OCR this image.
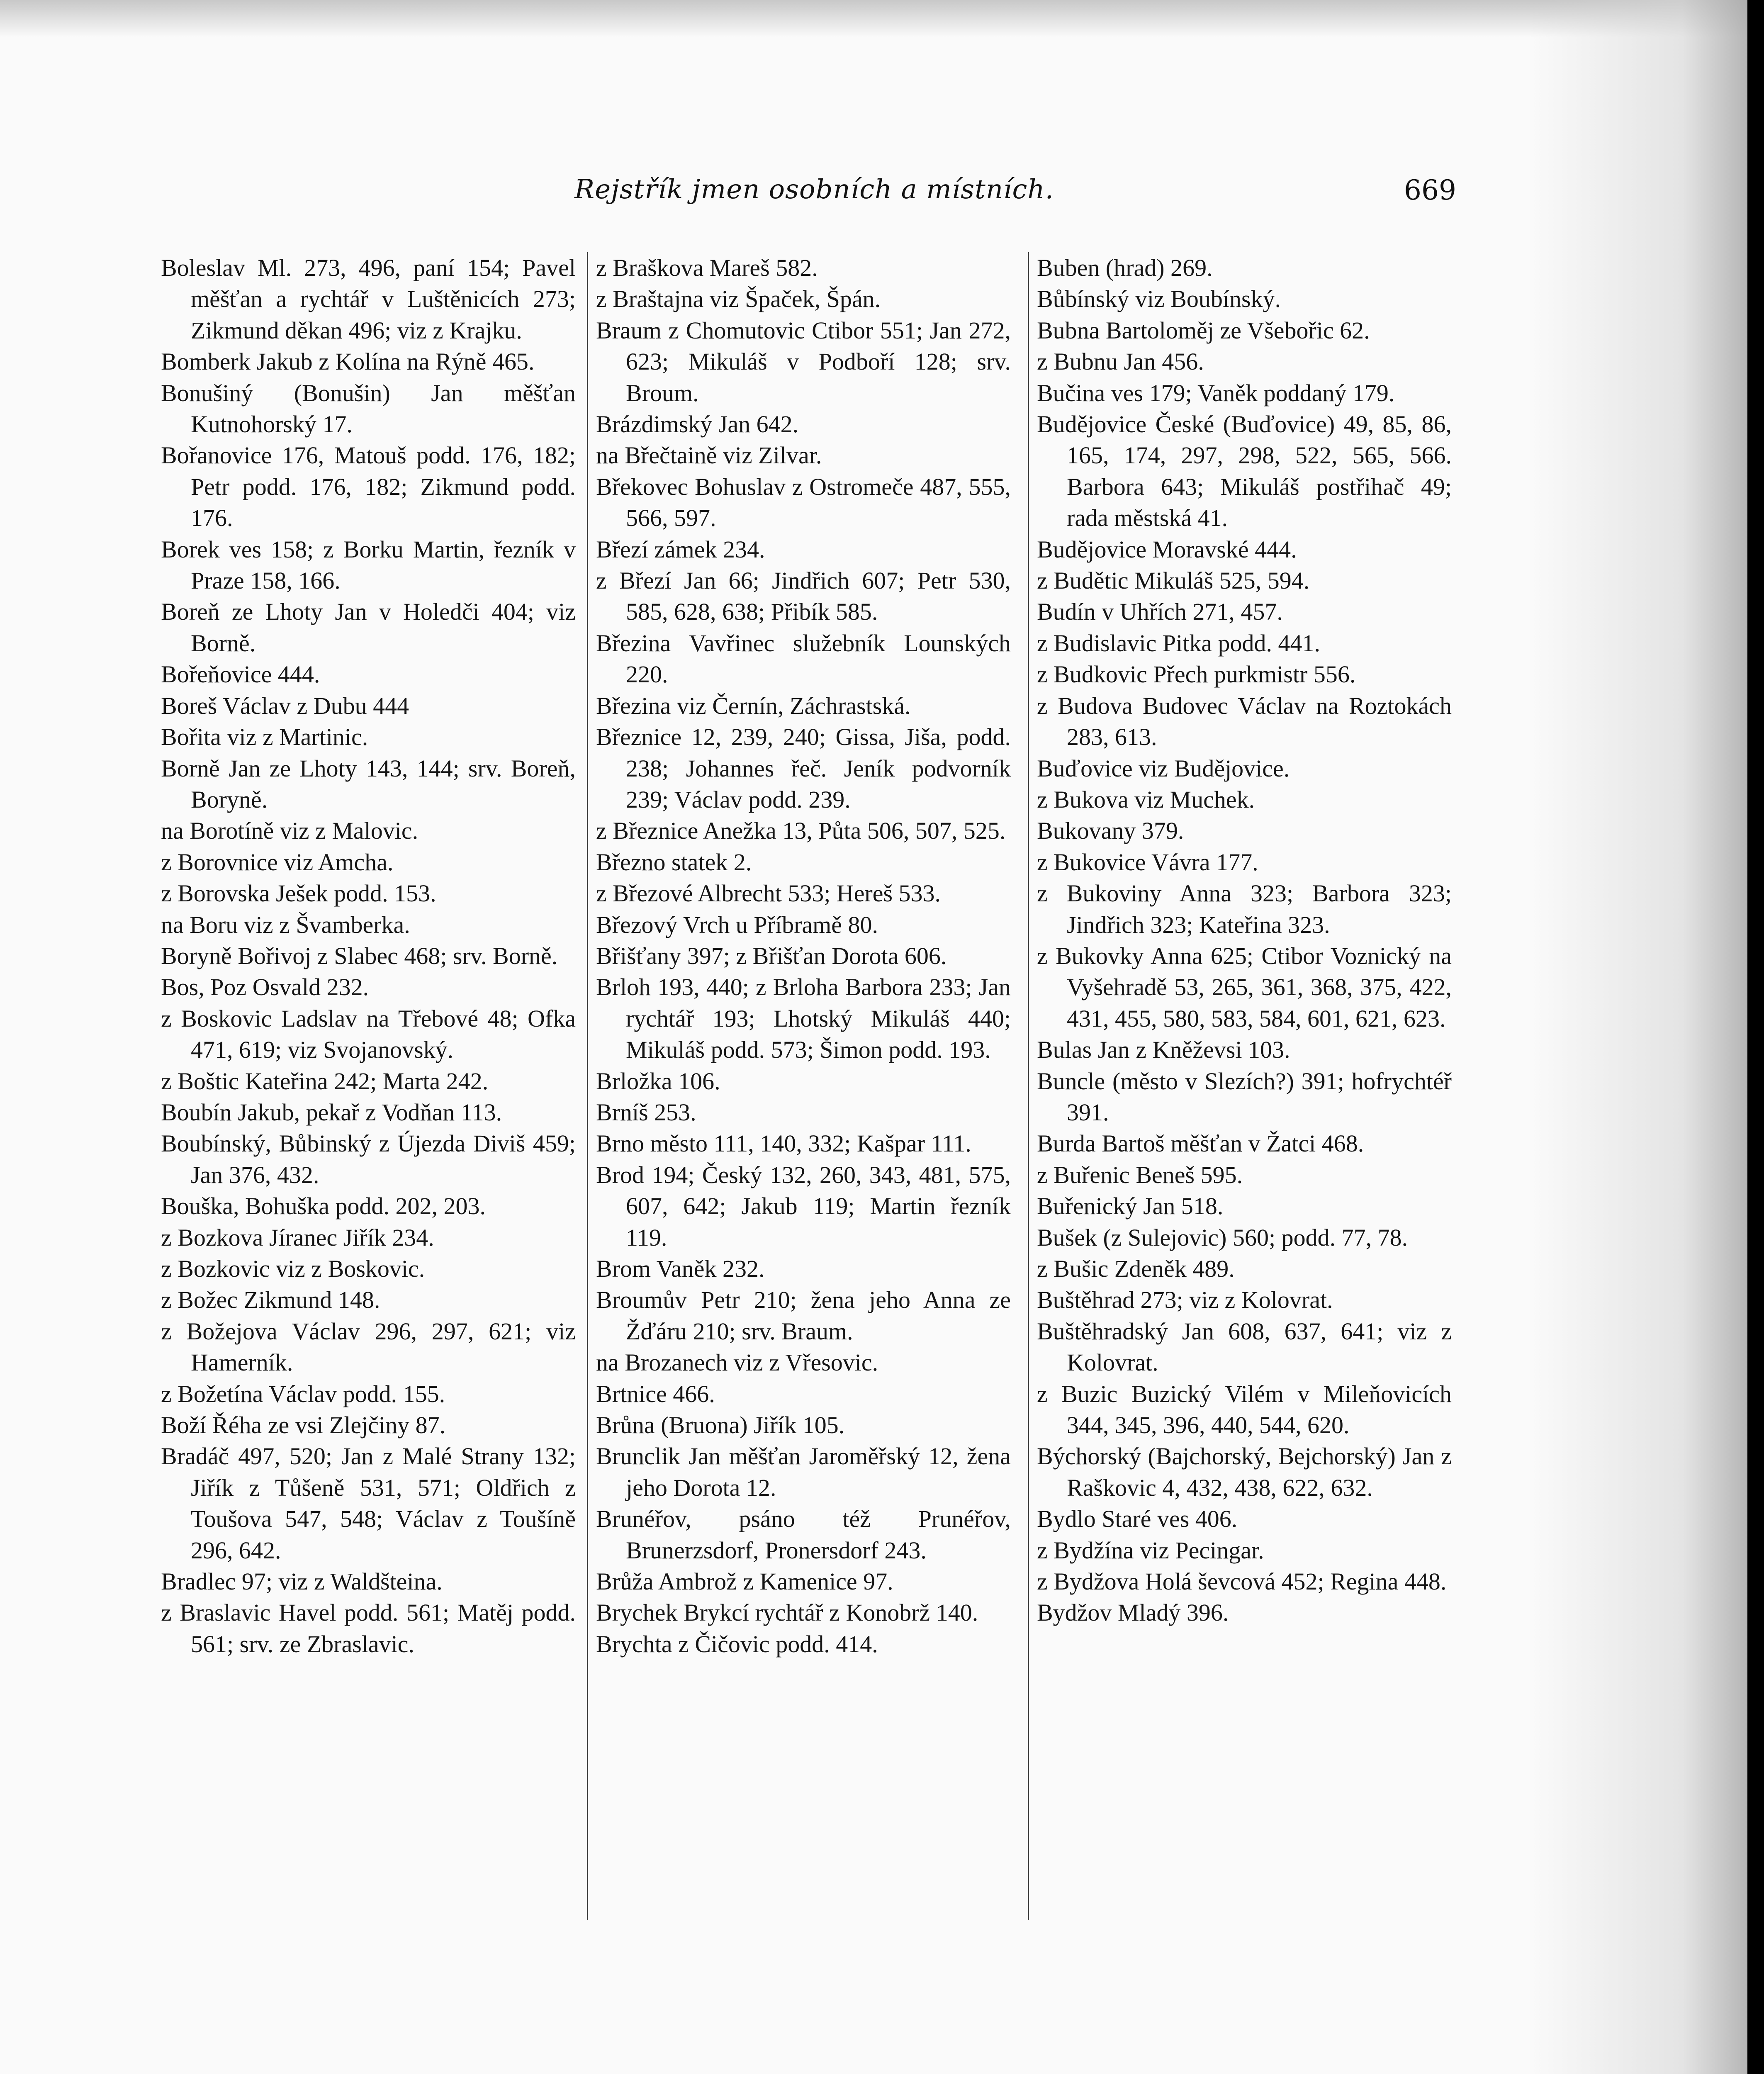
Rejstřík jmen osobních a místních.	669

Boleslav Ml. 273, 496, paní 154; Pavel měšťan a rychtář v Luštěnicích 273; Zikmund děkan 496; viz z Krajku.

Bomberk Jakub z Kolína na Rýně 465.

Bonušiný (Bonušin) Jan měšťan Kutnohorský 17.

Bořanovice 176, Matouš podd. 176, 182; Petr podd. 176, 182; Zikmund podd. 176.

Borek ves 158; z Borku Martin, řezník v Praze 158, 166.

Boreň ze Lhoty Jan v Holedči 404; viz Borně.

Bořeňovice 444.

Boreš Václav z Dubu 444

Bořita viz z Martinic.

Borně Jan ze Lhoty 143, 144; srv. Boreň, Boryně.

na Borotíně viz z Malovic.

z Borovnice viz Amcha.

z Borovska Ješek podd. 153.

na Boru viz z Švamberka.

Boryně Bořivoj z Slabec 468; srv. Borně.

Bos, Poz Osvald 232.

z Boskovic Ladslav na Třebové 48; Ofka 471, 619; viz Svojanovský.

z Boštic Kateřina 242; Marta 242.

Boubín Jakub, pekař z Vodňan 113.

Boubínský, Bůbinský z Újezda Diviš 459; Jan 376, 432.

Bouška, Bohuška podd. 202, 203.

z Bozkova Jíranec Jiřík 234.

z Bozkovic viz z Boskovic.

z Božec Zikmund 148.

z Božejova Václav 296, 297, 621; viz Hamerník.

z Božetína Václav podd. 155.

Boží Řéha ze vsi Zlejčiny 87.

Bradáč 497, 520; Jan z Malé Strany 132; Jiřík z Tůšeně 531, 571; Oldřich z Toušova 547, 548; Václav z Toušíně 296, 642.

Bradlec 97; viz z Waldšteina.

z Braslavic Havel podd. 561; Matěj podd. 561; srv. ze Zbraslavic.

z Braškova Mareš 582.

z Braštajna viz Špaček, Špán.

Braum z Chomutovic Ctibor 551; Jan 272, 623; Mikuláš v Podboří 128; srv. Broum.

Brázdimský Jan 642.

na Břečtaině viz Zilvar.

Břekovec Bohuslav z Ostromeče 487, 555, 566, 597.

Březí zámek 234.

z Březí Jan 66; Jindřich 607; Petr 530, 585, 628, 638; Přibík 585.

Březina Vavřinec služebník Lounských 220.

Březina viz Černín, Záchrastská.

Březnice 12, 239, 240; Gissa, Jiša, podd. 238; Johannes řeč. Jeník podvorník 239; Václav podd. 239.

z Březnice Anežka 13, Půta 506, 507, 525.

Březno statek 2.

z Březové Albrecht 533; Hereš 533.

Březový Vrch u Příbramě 80.

Břišťany 397; z Břišťan Dorota 606.

Brloh 193, 440; z Brloha Barbora 233; Jan rychtář 193; Lhotský Mikuláš 440; Mikuláš podd. 573; Šimon podd. 193.

Brložka 106.

Brníš 253.

Brno město 111, 140, 332; Kašpar 111.

Brod 194; Český 132, 260, 343, 481, 575, 607, 642; Jakub 119; Martin řezník 119.

Brom Vaněk 232.

Broumův Petr 210; žena jeho Anna ze Žďáru 210; srv. Braum.

na Brozanech viz z Vřesovic.

Brtnice 466.

Brůna (Bruona) Jiřík 105.

Brunclik Jan měšťan Jaroměřský 12, žena jeho Dorota 12.

Brunéřov, psáno též Prunéřov, Brunerzsdorf, Pronersdorf 243.

Brůža Ambrož z Kamenice 97.

Brychek Brykcí rychtář z Konobrž 140.

Brychta z Čičovic podd. 414.

Buben (hrad) 269.

Bůbínský viz Boubínský.

Bubna Bartoloměj ze Všebořic 62.

z Bubnu Jan 456.

Bučina ves 179; Vaněk poddaný 179.

Budějovice České (Buďovice) 49, 85, 86, 165, 174, 297, 298, 522, 565, 566. Barbora 643; Mikuláš postřihač 49; rada městská 41.

Budějovice Moravské 444.

z Budětic Mikuláš 525, 594.

Budín v Uhřích 271, 457.

z Budislavic Pitka podd. 441.

z Budkovic Přech purkmistr 556.

z Budova Budovec Václav na Roztokách 283, 613.

Buďovice viz Budějovice.

z Bukova viz Muchek.

Bukovany 379.

z Bukovice Vávra 177.

z Bukoviny Anna 323; Barbora 323; Jindřich 323; Kateřina 323.

z Bukovky Anna 625; Ctibor Voznický na Vyšehradě 53, 265, 361, 368, 375, 422, 431, 455, 580, 583, 584, 601, 621, 623.

Bulas Jan z Kněževsi 103.

Buncle (město v Slezích?) 391; hofrychtéř 391.

Burda Bartoš měšťan v Žatci 468.

z Buřenic Beneš 595.

Buřenický Jan 518.

Bušek (z Sulejovic) 560; podd. 77, 78.

z Bušic Zdeněk 489.

Buštěhrad 273; viz z Kolovrat.

Buštěhradský Jan 608, 637, 641; viz z Kolovrat.

z Buzic Buzický Vilém v Mileňovicích 344, 345, 396, 440, 544, 620.

Býchorský (Bajchorský, Bejchorský) Jan z Raškovic 4, 432, 438, 622, 632.

Bydlo Staré ves 406.

z Bydžína viz Pecingar.

z Bydžova Holá ševcová 452; Regina 448.

Bydžov Mladý 396.
